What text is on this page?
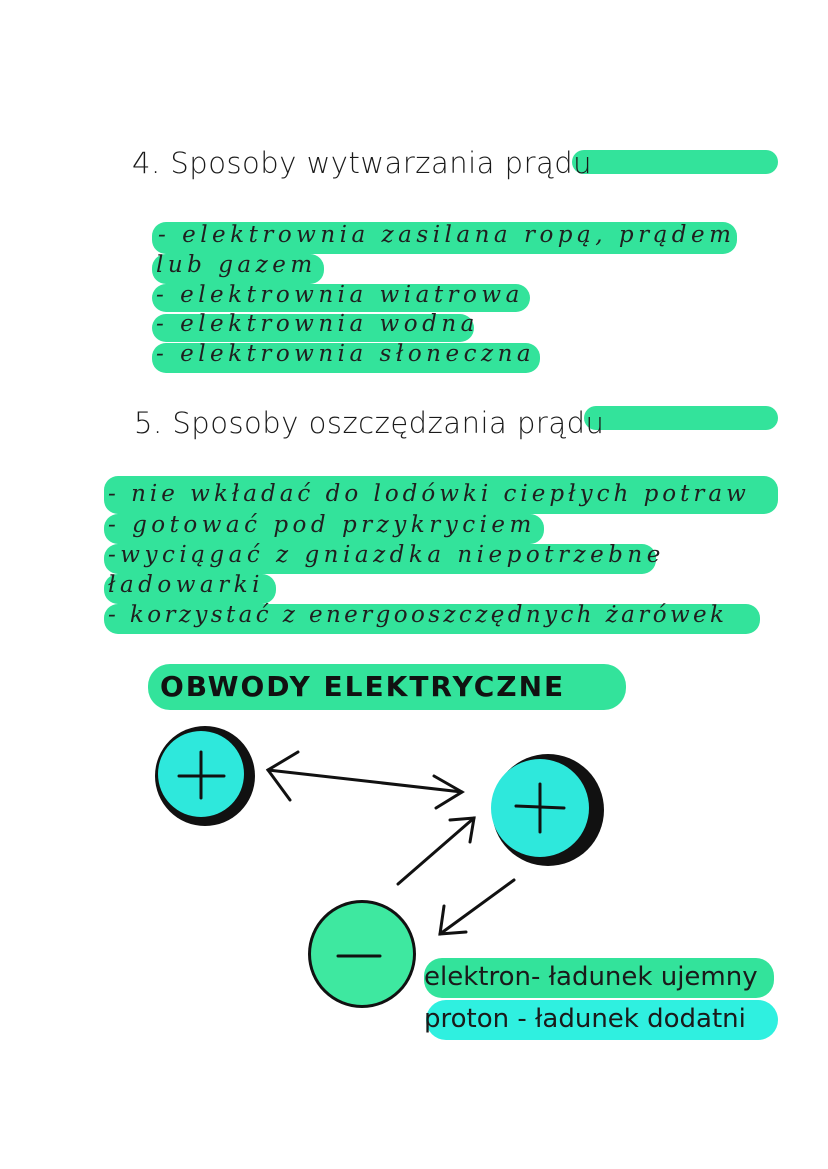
4. Sposoby wytwarzania prądu
- elektrownia zasilana ropą, prądem
lub gazem
- elektrownia wiatrowa
- elektrownia wodna
- elektrownia słoneczna
5. Sposoby oszczędzania prądu
- nie wkładać do lodówki ciepłych potraw
- gotować pod przykryciem
-wyciągać z gniazdka niepotrzebne
ładowarki
- korzystać z energooszczędnych żarówek
OBWODY ELEKTRYCZNE
elektron- ładunek ujemny
proton - ładunek dodatni
